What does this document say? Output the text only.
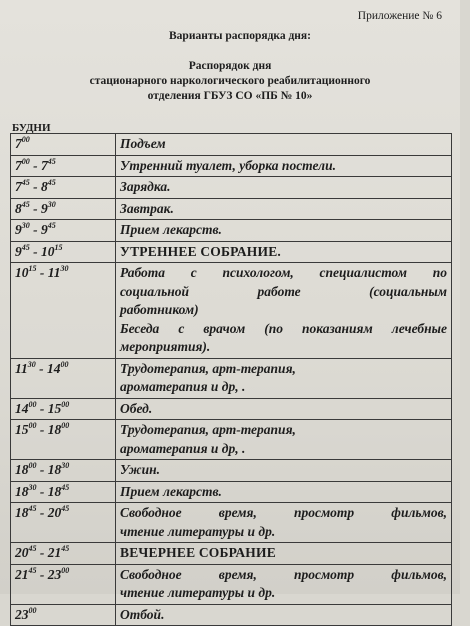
Приложение № 6
Варианты распорядка дня:
Распорядок дня
стационарного наркологического реабилитационного
отделения ГБУЗ СО «ПБ № 10»
БУДНИ
$7^{00}$	Подъем

$7^{00} - 7^{45}$	Утренний туалет, уборка постели.

$7^{45} - 8^{45}$	Зарядка.

$8^{45} - 9^{30}$	Завтрак.

$9^{30} - 9^{45}$	Прием лекарств.

$9^{45} - 10^{15}$	УТРЕННЕЕ СОБРАНИЕ.

$10^{15} - 11^{30}$	Работа с психологом, специалистом по
социальной работе (социальным
работником)
Беседа с врачом (по показаниям лечебные
мероприятия).

$11^{30} - 14^{00}$	Трудотерапия, арт-терапия,
ароматерапия и др, .

$14^{00} - 15^{00}$	Обед.

$15^{00} - 18^{00}$	Трудотерапия, арт-терапия,
ароматерапия и др, .

$18^{00} - 18^{30}$	Ужин.

$18^{30} - 18^{45}$	Прием лекарств.

$18^{45} - 20^{45}$	Свободное время, просмотр фильмов,
чтение литературы и др.

$20^{45} - 21^{45}$	ВЕЧЕРНЕЕ СОБРАНИЕ

$21^{45} - 23^{00}$	Свободное время, просмотр фильмов,
чтение литературы и др.

$23^{00}$	Отбой.
